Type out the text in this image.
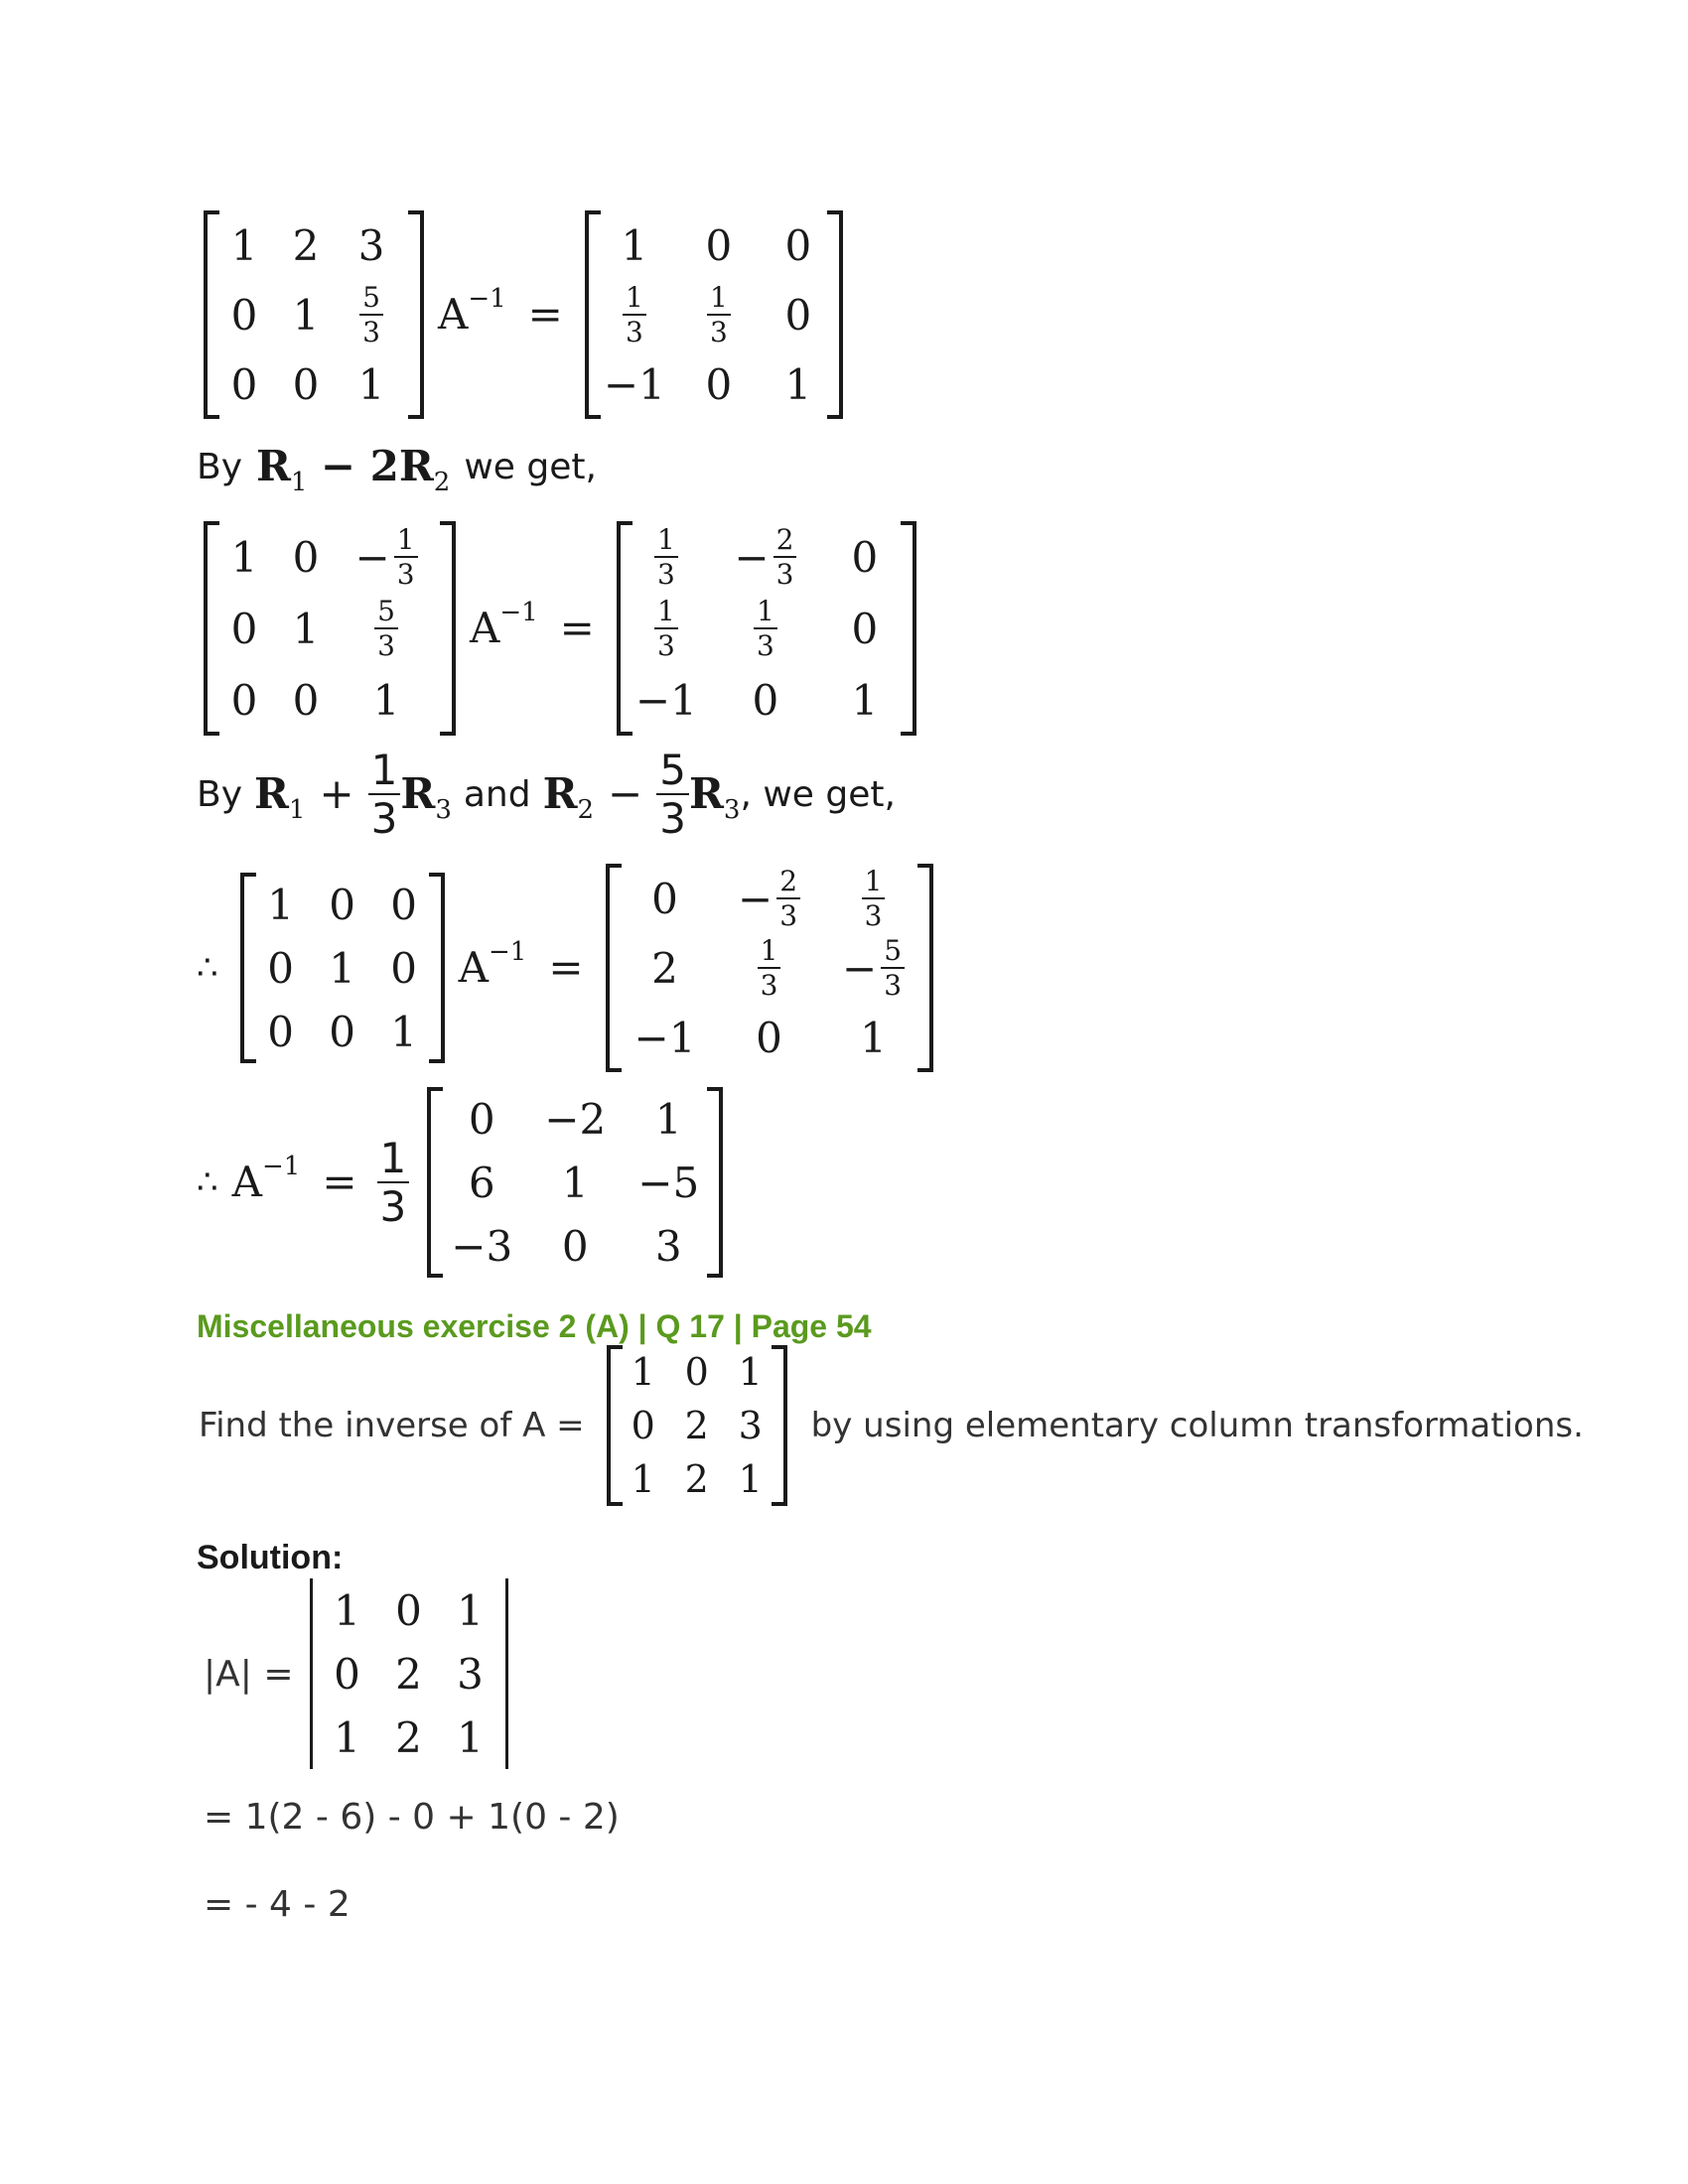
1 2 3
0 $1 \frac{5}{3}$
0 0 1
$A^{-1}$ =
1 0 0
$\frac{1}{3} \frac{1}{3} 0$
−1 0 1
By $R_1 - 2R_2$ we get,
1 $0 - \frac{1}{3}$
0 $1 \frac{5}{3}$
0 0 1
$A^{-1}$ =
$\frac{1}{3} - \frac{2}{3} 0$
$\frac{1}{3}$	$\frac{1}{3} 0$
−1 0 1
By $R_1 + \frac{1}{3} R_3$ and $R_2 - \frac{5}{3} R_3$ , we get,
∴
1 0 0
0 1 0
0 0 1
$A^{-1}$ =
$0 - \frac{2}{3} \frac{1}{3}$
2	$\frac{1}{3} - \frac{5}{3}$
−1 0 1
∴ $A^{-1} = \frac{1}{3}$
0 −2 1
6 1 −5
−3 0 3
Miscellaneous exercise 2 (A) | Q 17 | Page 54
Find the inverse of A =
1 0 1
0 2 3
1 2 1
by using elementary column transformations.
Solution:
|A| =
1 0 1
0 2 3
1 2 1
= 1(2 - 6) - 0 + 1(0 - 2)
= - 4 - 2
